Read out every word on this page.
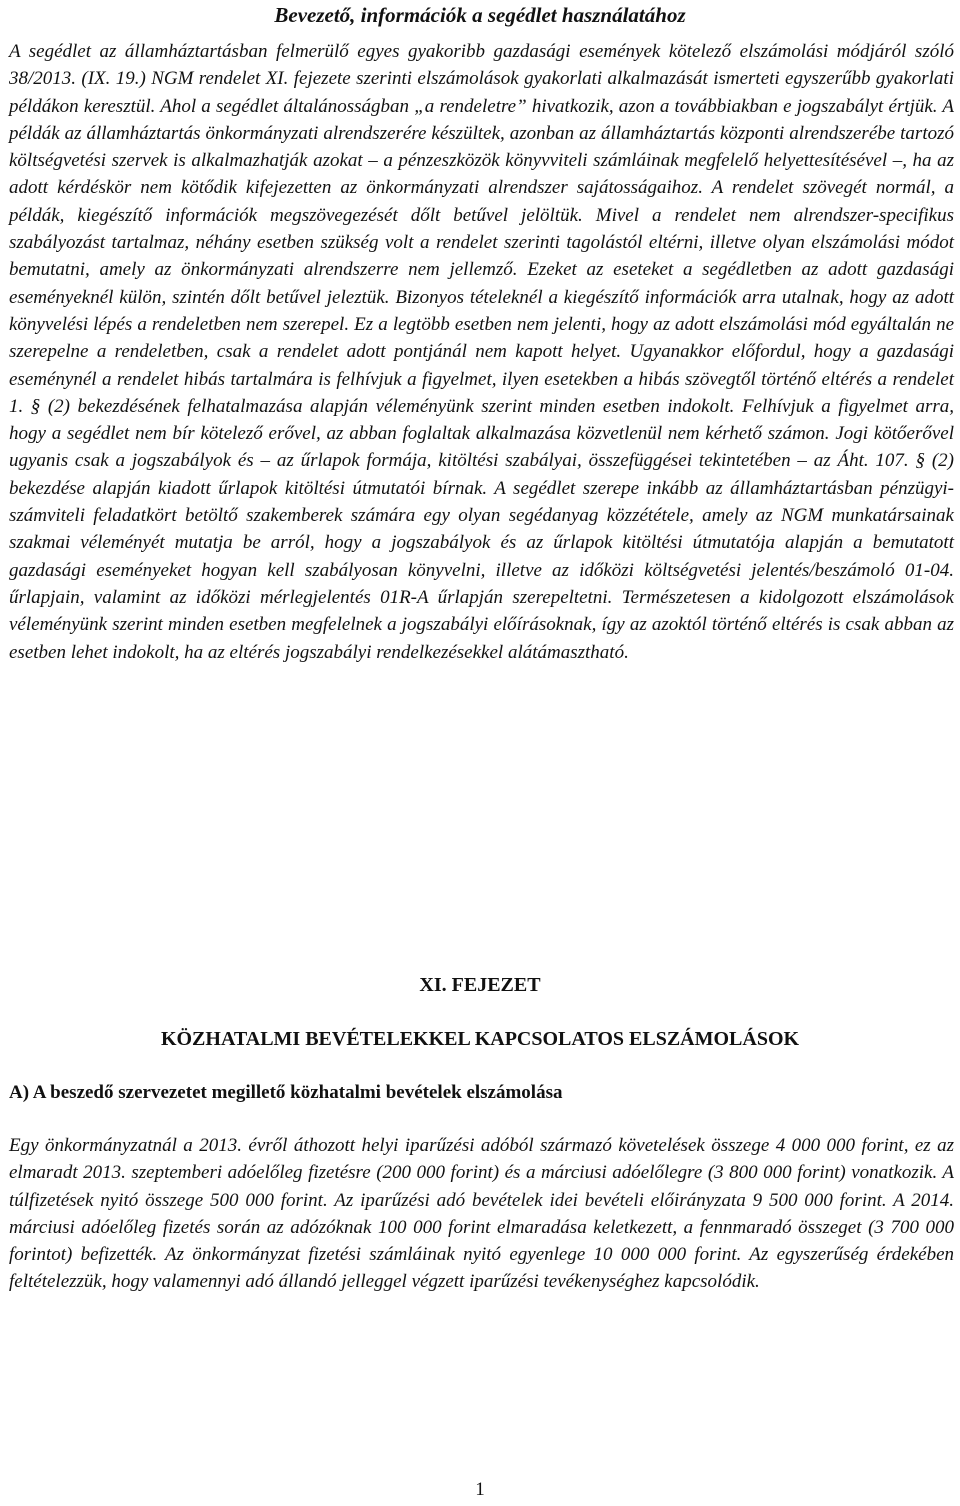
Bevezető, információk a segédlet használatához
A segédlet az államháztartásban felmerülő egyes gyakoribb gazdasági események kötelező elszámolási módjáról szóló 38/2013. (IX. 19.) NGM rendelet XI. fejezete szerinti elszámolások gyakorlati alkalmazását ismerteti egyszerűbb gyakorlati példákon keresztül. Ahol a segédlet általánosságban „a rendeletre” hivatkozik, azon a továbbiakban e jogszabályt értjük. A példák az államháztartás önkormányzati alrendszerére készültek, azonban az államháztartás központi alrendszerébe tartozó költségvetési szervek is alkalmazhatják azokat – a pénzeszközök könyvviteli számláinak megfelelő helyettesítésével –, ha az adott kérdéskör nem kötődik kifejezetten az önkormányzati alrendszer sajátosságaihoz. A rendelet szövegét normál, a példák, kiegészítő információk megszövegezését dőlt betűvel jelöltük. Mivel a rendelet nem alrendszer-specifikus szabályozást tartalmaz, néhány esetben szükség volt a rendelet szerinti tagolástól eltérni, illetve olyan elszámolási módot bemutatni, amely az önkormányzati alrendszerre nem jellemző. Ezeket az eseteket a segédletben az adott gazdasági eseményeknél külön, szintén dőlt betűvel jeleztük. Bizonyos tételeknél a kiegészítő információk arra utalnak, hogy az adott könyvelési lépés a rendeletben nem szerepel. Ez a legtöbb esetben nem jelenti, hogy az adott elszámolási mód egyáltalán ne szerepelne a rendeletben, csak a rendelet adott pontjánál nem kapott helyet. Ugyanakkor előfordul, hogy a gazdasági eseménynél a rendelet hibás tartalmára is felhívjuk a figyelmet, ilyen esetekben a hibás szövegtől történő eltérés a rendelet 1. § (2) bekezdésének felhatalmazása alapján véleményünk szerint minden esetben indokolt. Felhívjuk a figyelmet arra, hogy a segédlet nem bír kötelező erővel, az abban foglaltak alkalmazása közvetlenül nem kérhető számon. Jogi kötőerővel ugyanis csak a jogszabályok és – az űrlapok formája, kitöltési szabályai, összefüggései tekintetében – az Áht. 107. § (2) bekezdése alapján kiadott űrlapok kitöltési útmutatói bírnak. A segédlet szerepe inkább az államháztartásban pénzügyi-számviteli feladatkört betöltő szakemberek számára egy olyan segédanyag közzététele, amely az NGM munkatársainak szakmai véleményét mutatja be arról, hogy a jogszabályok és az űrlapok kitöltési útmutatója alapján a bemutatott gazdasági eseményeket hogyan kell szabályosan könyvelni, illetve az időközi költségvetési jelentés/beszámoló 01-04. űrlapjain, valamint az időközi mérlegjelentés 01R-A űrlapján szerepeltetni. Természetesen a kidolgozott elszámolások véleményünk szerint minden esetben megfelelnek a jogszabályi előírásoknak, így az azoktól történő eltérés is csak abban az esetben lehet indokolt, ha az eltérés jogszabályi rendelkezésekkel alátámasztható.
XI. FEJEZET
KÖZHATALMI BEVÉTELEKKEL KAPCSOLATOS ELSZÁMOLÁSOK
A) A beszedő szervezetet megillető közhatalmi bevételek elszámolása
Egy önkormányzatnál a 2013. évről áthozott helyi iparűzési adóból származó követelések összege 4 000 000 forint, ez az elmaradt 2013. szeptemberi adóelőleg fizetésre (200 000 forint) és a márciusi adóelőlegre (3 800 000 forint) vonatkozik. A túlfizetések nyitó összege 500 000 forint. Az iparűzési adó bevételek idei bevételi előirányzata 9 500 000 forint. A 2014. márciusi adóelőleg fizetés során az adózóknak 100 000 forint elmaradása keletkezett, a fennmaradó összeget (3 700 000 forintot) befizették. Az önkormányzat fizetési számláinak nyitó egyenlege 10 000 000 forint. Az egyszerűség érdekében feltételezzük, hogy valamennyi adó állandó jelleggel végzett iparűzési tevékenységhez kapcsolódik.
1
